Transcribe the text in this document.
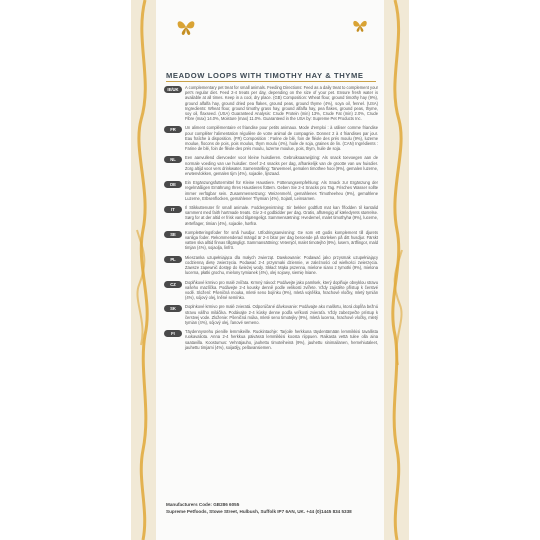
MEADOW LOOPS WITH TIMOTHY HAY & THYME
IE/UK	A complementary pet treat for small animals. Feeding Directions: Feed as a daily treat to complement your pet's regular diet. Feed 2-4 treats per day, depending on the size of your pet. Ensure fresh water is available at all times. Keep in a cool, dry place. (GB) Composition: Wheat flour, ground timothy hay (9%), ground alfalfa hay, ground dried pea flakes, ground peas, ground thyme (4%), soya oil, fennel. (USA) Ingredients: Wheat flour, ground timothy grass hay, ground alfalfa hay, pea flakes, ground peas, thyme, soy oil, flaxseed. (USA) Guaranteed Analysis: Crude Protein (min) 13%, Crude Fat (min) 2.0%, Crude Fibre (max) 14.0%, Moisture (max) 11.0%. Guaranteed in the USA by: Supreme Pet Products Inc.
FR	Un aliment complémentaire et friandise pour petits animaux. Mode d'emploi : à utiliser comme friandise pour compléter l'alimentation régulière de votre animal de compagnie. Donnez 2 à 4 friandises par jour. Eau fraîche à disposition. (FR) Composition : Farine de blé, foin de fléole des prés moulu (9%), luzerne moulue, flocons de pois, pois moulus, thym moulu (4%), huile de soja, graines de lin. (CAN) Ingrédients : Farine de blé, foin de fléole des prés moulu, luzerne moulue, pois, thym, huile de soja.
NL	Een aanvullend diervoeder voor kleine huisdieren. Gebruiksaanwijzing: Als snack toevoegen aan de normale voeding van uw huisdier. Geef 2-4 snacks per dag, afhankelijk van de grootte van uw huisdier. Zorg altijd voor vers drinkwater. Samenstelling: Tarwemeel, gemalen timothee hooi (9%), gemalen luzerne, erwtenvlokken, gemalen tijm (4%), sojaolie, lijnzaad.
DE	Ein Ergänzungsfuttermittel für Kleine Haustiere. Fütterungsempfehlung: Als Snack zur Ergänzung der regelmäßigen Ernährung Ihres Haustieres füttern. Geben Sie 2-4 Snacks pro Tag. Frisches Wasser sollte immer verfügbar sein. Zusammensetzung: Weizenmehl, gemahlenes Timotheeheu (9%), gemahlene Luzerne, Erbsenflocken, gemahlener Thymian (4%), Sojaöl, Leinsamen.
IT	Il Stikkuttenuter fir small animale. Foddergenintning: Sir bekker godtfutt mat kan f/fodden til kantalid samment med faith hartmade treats. Giv 2-4 godbidder per dag. Gratis, afhængig af kæledyrets størrelse. Sørg for at der altid er frisk vand tilgængeligt. Sammensætning: Hvedemel, malet timothyhø (9%), lucerne, ærteflager, timian (4%), sojaolie, hørfrø.
SE	Kompletteringsfoder för små husdjur. Utfodringsanvisning: Ge som ett godis komplement till djurets vanliga foder. Rekommenderad mängd är 2-4 bitar per dag beroende på storleken på ditt husdjur. Färskt vatten ska alltid finnas tillgängligt. Sammansättning: Vetemjöl, malet timotejhö (9%), lusern, ärtflingor, mald timjan (4%), sojaolja, linfrö.
PL	Mieszanka uzupełniająca dla małych zwierząt. Dawkowanie: Podawać jako przysmak uzupełniający codzienną dietę zwierzęcia. Podawać 2-4 przysmaki dziennie, w zależności od wielkości zwierzęcia. Zawsze zapewnić dostęp do świeżej wody. Skład: Mąka pszenna, mielone siano z tymotki (9%), mielona lucerna, płatki grochu, mielony tymianek (4%), olej sojowy, siemię lniane.
CZ	Doplňkové krmivo pro malé zvířata. Krmný návod: Podávejte jako pamlsek, který doplňuje obvyklou stravu vašeho mazlíčka. Podávejte 2-4 kousky denně podle velikosti zvířete. Vždy zajistěte přístup k čerstvé vodě. Složení: Pšeničná mouka, mleté seno bojínku (9%), mletá vojtěška, hrachové vločky, mletý tymián (4%), sójový olej, lněné semínko.
SK	Doplnkové krmivo pre malé zvieratá. Odporúčané dávkovanie: Podávajte ako maškrtu, ktorá dopĺňa bežnú stravu vášho miláčika. Podávajte 2-4 kúsky denne podľa veľkosti zvieraťa. Vždy zabezpečte prístup k čerstvej vode. Zloženie: Pšeničná múka, mleté seno timotejky (9%), mletá lucerna, hrachové vločky, mletý tymian (4%), sójový olej, ľanové semeno.
FI	Täydennysrehu pienille lemmikeille. Ruokintaohje: Tarjoile herkkuna täydentämään lemmikkisi tavallista ruokavaliota. Anna 2-4 herkkua päivässä lemmikkisi koosta riippuen. Raikasta vettä tulee olla aina saatavilla. Koostumus: Vehnäjauho, jauhettu timoteiheinä (9%), jauhettu sinimailanen, hernehiutaleet, jauhettu timjami (4%), soijaöljy, pellavansiemen.
Manufacturers Code: GB286 6055
Supreme Petfoods, Stowe Street, Hulbush, Suffolk IP7 6AN, UK. +44 (0)1445 834 5338
